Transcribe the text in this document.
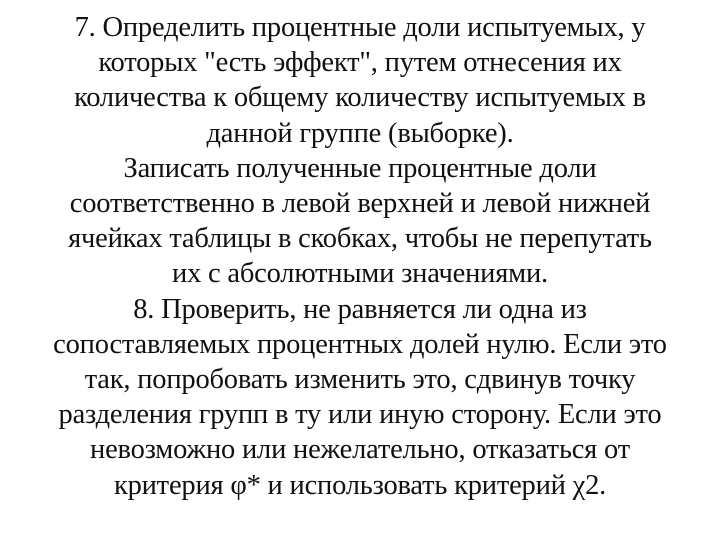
7. Определить процентные доли испытуемых, у
которых "есть эффект", путем отнесения их
количества к общему количеству испытуемых в
данной группе (выборке).
Записать полученные процентные доли
соответственно в левой верхней и левой нижней
ячейках таблицы в скобках, чтобы не перепутать
их с абсолютными значениями.
8. Проверить, не равняется ли одна из
сопоставляемых процентных долей нулю. Если это
так, попробовать изменить это, сдвинув точку
разделения групп в ту или иную сторону. Если это
невозможно или нежелательно, отказаться от
критерия φ* и использовать критерий χ2.
